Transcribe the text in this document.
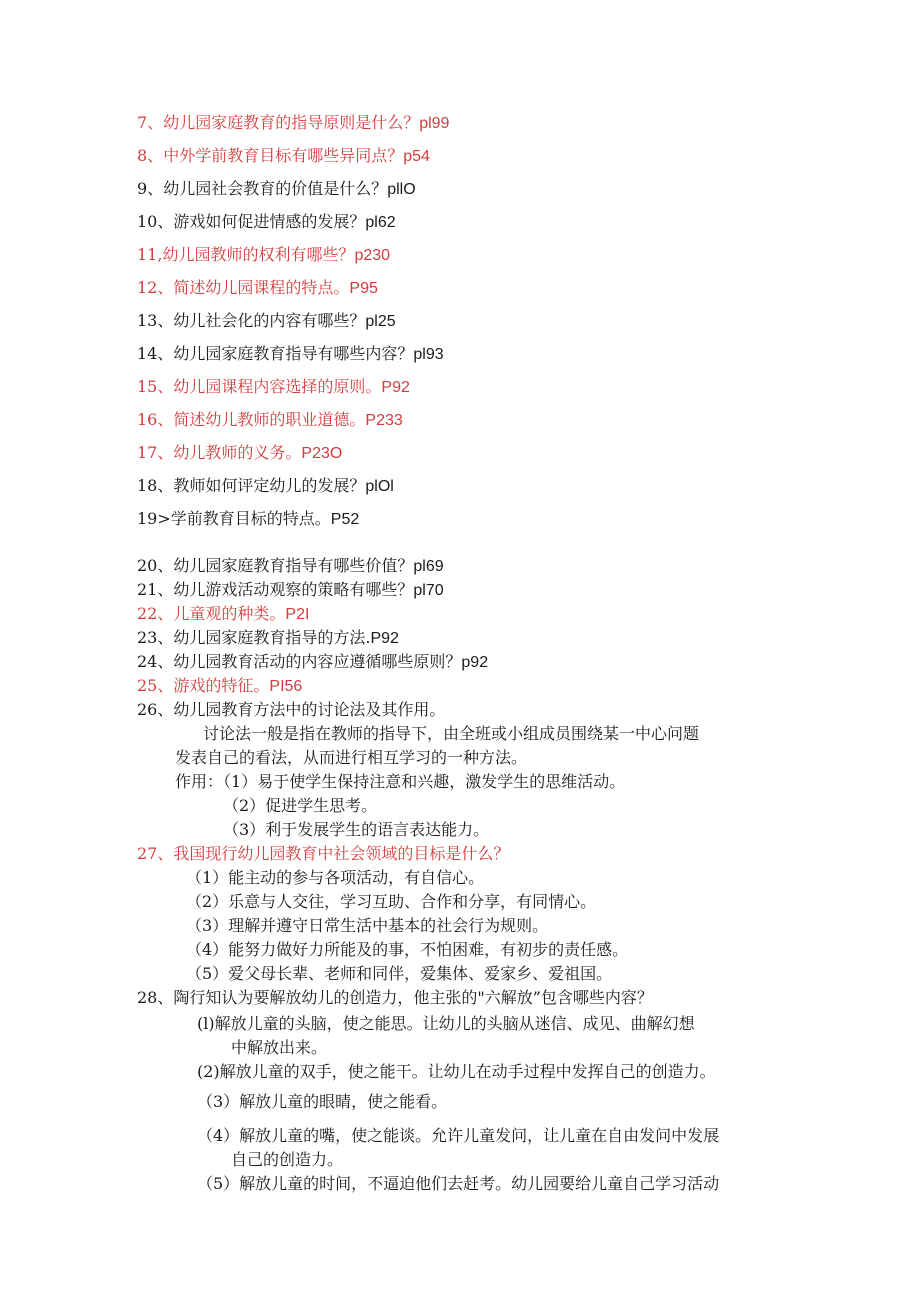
7、幼儿园家庭教育的指导原则是什么？pl99
8、中外学前教育目标有哪些异同点？p54
9、幼儿园社会教育的价值是什么？pllO
10、游戏如何促进情感的发展？pl62
11,幼儿园教师的权利有哪些？p230
12、简述幼儿园课程的特点。P95
13、幼儿社会化的内容有哪些？pl25
14、幼儿园家庭教育指导有哪些内容？pl93
15、幼儿园课程内容选择的原则。P92
16、简述幼儿教师的职业道德。P233
17、幼儿教师的义务。P23O
18、教师如何评定幼儿的发展？plOl
19>学前教育目标的特点。P52
20、幼儿园家庭教育指导有哪些价值？pl69
21、幼儿游戏活动观察的策略有哪些？pl70
22、儿童观的种类。P2I
23、幼儿园家庭教育指导的方法.P92
24、幼儿园教育活动的内容应遵循哪些原则？p92
25、游戏的特征。PI56
26、幼儿园教育方法中的讨论法及其作用。
讨论法一般是指在教师的指导下，由全班或小组成员围绕某一中心问题
发表自己的看法，从而进行相互学习的一种方法。
作用：（1）易于使学生保持注意和兴趣，激发学生的思维活动。
（2）促进学生思考。
（3）利于发展学生的语言表达能力。
27、我国现行幼儿园教育中社会领域的目标是什么？
（1）能主动的参与各项活动，有自信心。
（2）乐意与人交往，学习互助、合作和分享，有同情心。
（3）理解并遵守日常生活中基本的社会行为规则。
（4）能努力做好力所能及的事，不怕困难，有初步的责任感。
（5）爱父母长辈、老师和同伴，爱集体、爱家乡、爱祖国。
28、陶行知认为要解放幼儿的创造力，他主张的"六解放”包含哪些内容？
(l)解放儿童的头脑，使之能思。让幼儿的头脑从迷信、成见、曲解幻想
中解放出来。
(2)解放儿童的双手，使之能干。让幼儿在动手过程中发挥自己的创造力。
（3）解放儿童的眼睛，使之能看。
（4）解放儿童的嘴，使之能谈。允许儿童发问，让儿童在自由发问中发展
自己的创造力。
（5）解放儿童的时间，不逼迫他们去赶考。幼儿园要给儿童自己学习活动
